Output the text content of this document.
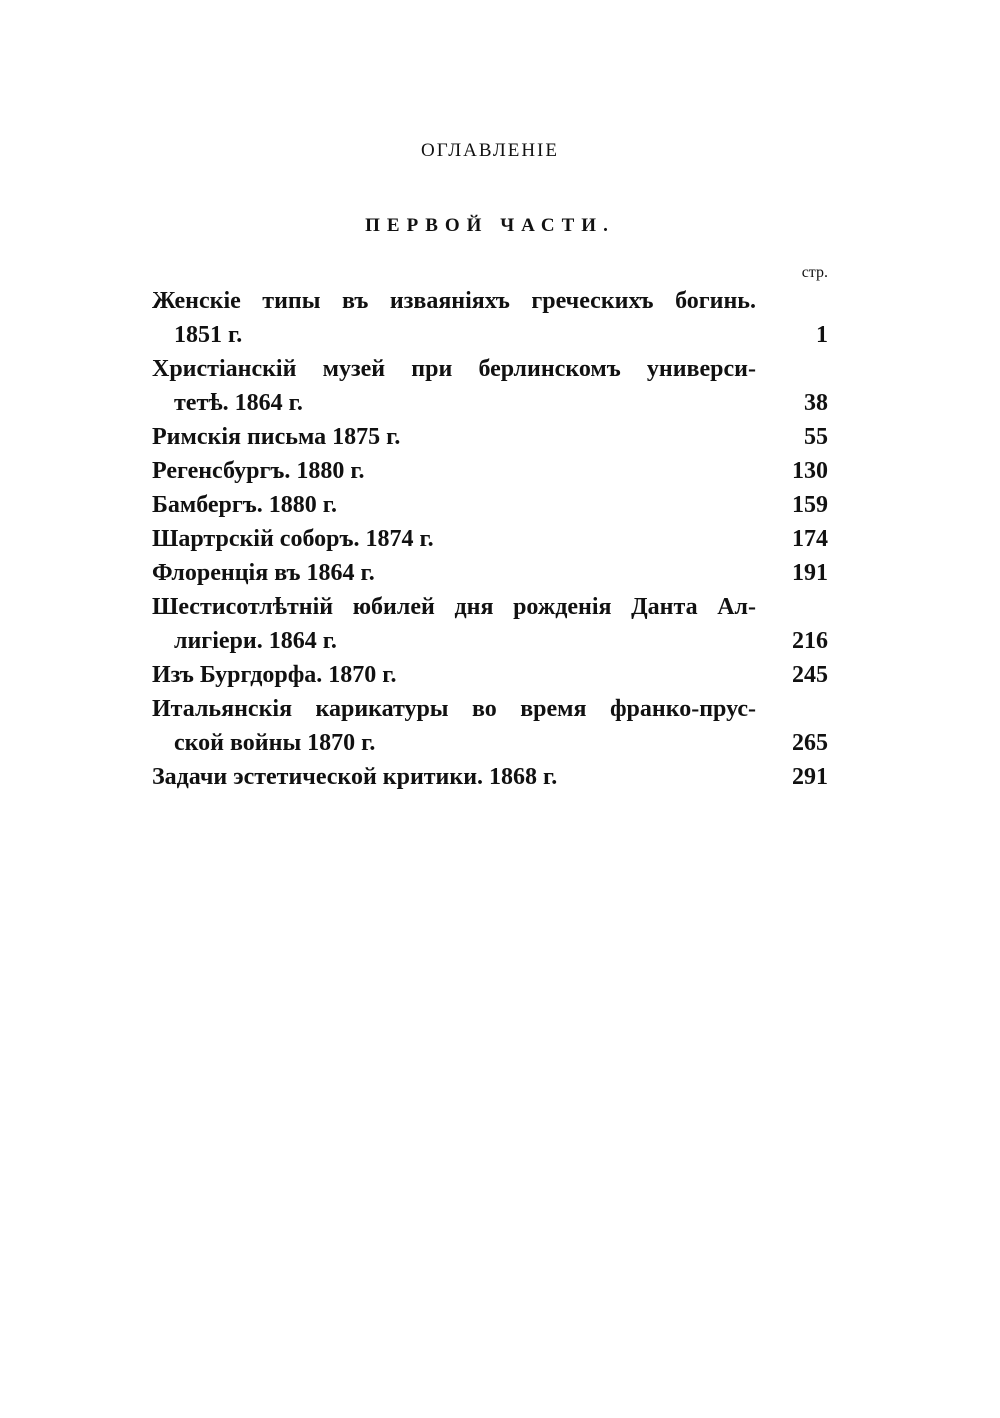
ОГЛАВЛЕНІЕ
ПЕРВОЙ ЧАСТИ.
стр.
Женскіе типы въ изваяніяхъ греческихъ богинь.
1851 г.	1
Христіанскій музей при берлинскомъ универси-
тетѣ. 1864 г.	38
Римскія письма 1875 г.	55
Регенсбургъ. 1880 г.	130
Бамбергъ. 1880 г.	159
Шартрскій соборъ. 1874 г.	174
Флоренція въ 1864 г.	191
Шестисотлѣтній юбилей дня рожденія Данта Ал-
лигіери. 1864 г.	216
Изъ Бургдорфа. 1870 г.	245
Итальянскія карикатуры во время франко-прус-
ской войны 1870 г.	265
Задачи эстетической критики. 1868 г.	291
